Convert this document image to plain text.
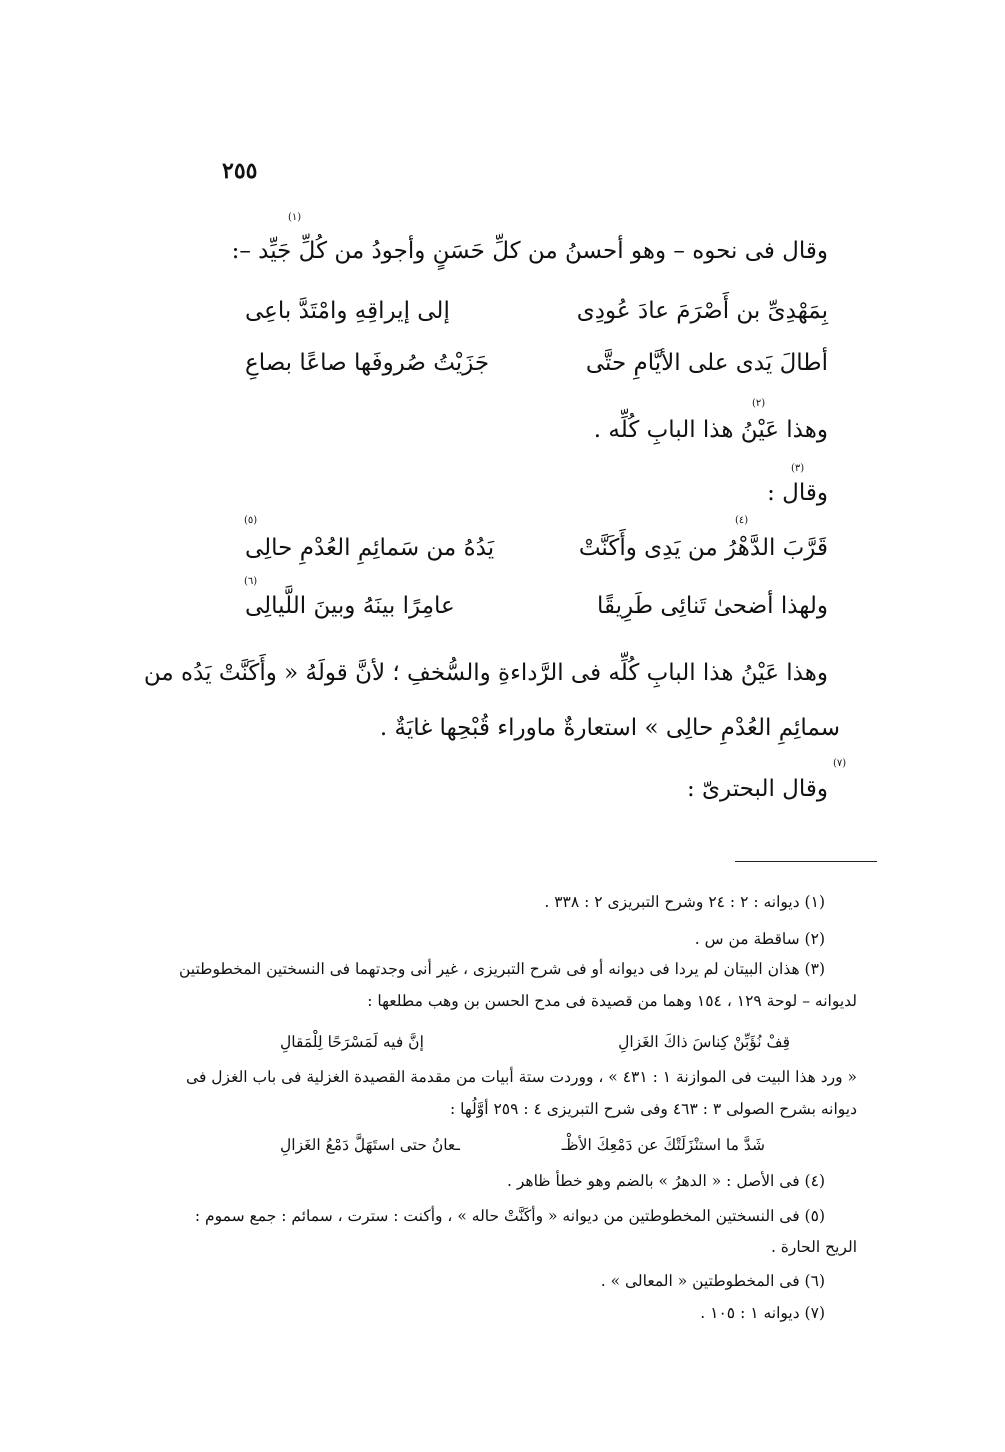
٢٥٥
وقال فى نحوه – وهو أحسنُ من كلِّ حَسَنٍ وأجودُ من كُلِّ جَيِّد –:
(١)
بِمَهْدِىِّ بن أَصْرَمَ عادَ عُودِى
إلى إيراقِهِ وامْتَدَّ باعِى
أطالَ يَدى على الأيَّامِ حتَّى
جَزَيْتُ صُروفَها صاعًا بصاعِ
(٢)
وهذا عَيْنُ هذا البابِ كُلِّه .
(٣)
وقال :
(٤)
(٥)
قَرَّبَ الدَّهْرُ من يَدِى وأَكَنَّتْ
يَدُهُ من سَمائِمِ العُدْمِ حالِى
(٦)
ولهذا أضحىٰ تَنائِى طَرِيقًا
عامِرًا بينَهُ وبينَ اللَّيالِى
وهذا عَيْنُ هذا البابِ كُلِّه فى الرَّداءةِ والسُّخفِ ؛ لأنَّ قولَهُ « وأَكَنَّتْ يَدُه من
سمائِمِ العُدْمِ حالِى » استعارةٌ ماوراء قُبْحِها غايَةٌ .
(٧)
وقال البحترىّ :
(١) ديوانه : ٢ : ٢٤ وشرح التبريزى ٢ : ٣٣٨ .
(٢) ساقطة من س .
(٣) هذان البيتان لم يردا فى ديوانه أو فى شرح التبريزى ، غير أنى وجدتهما فى النسختين المخطوطتين
لديوانه – لوحة ١٢٩ ، ١٥٤ وهما من قصيدة فى مدح الحسن بن وهب مطلعها :
قِفْ نُؤَبِّنْ كِناسَ ذاكَ الغَزالِ
إنَّ فيه لَمَسْرَحًا لِلْمَقالِ
« ورد هذا البيت فى الموازنة ١ : ٤٣١ » ، ووردت ستة أبيات من مقدمة القصيدة الغزلية فى باب الغزل فى
ديوانه بشرح الصولى ٣ : ٤٦٣ وفى شرح التبريزى ٤ : ٢٥٩ أوَّلُها :
شَدَّ ما استنْزَلَتْكَ عن دَمْعِكَ الأظْـ
ـعانُ حتى استَهَلَّ دَمْعُ الغَزالِ
(٤) فى الأصل : « الدهرُ » بالضم وهو خطأ ظاهر .
(٥) فى النسختين المخطوطتين من ديوانه « وأكَنَّتْ حاله » ، وأكنت : سترت ، سمائم : جمع سموم :
الريح الحارة .
(٦) فى المخطوطتين « المعالى » .
(٧) ديوانه ١ : ١٠٥ .
